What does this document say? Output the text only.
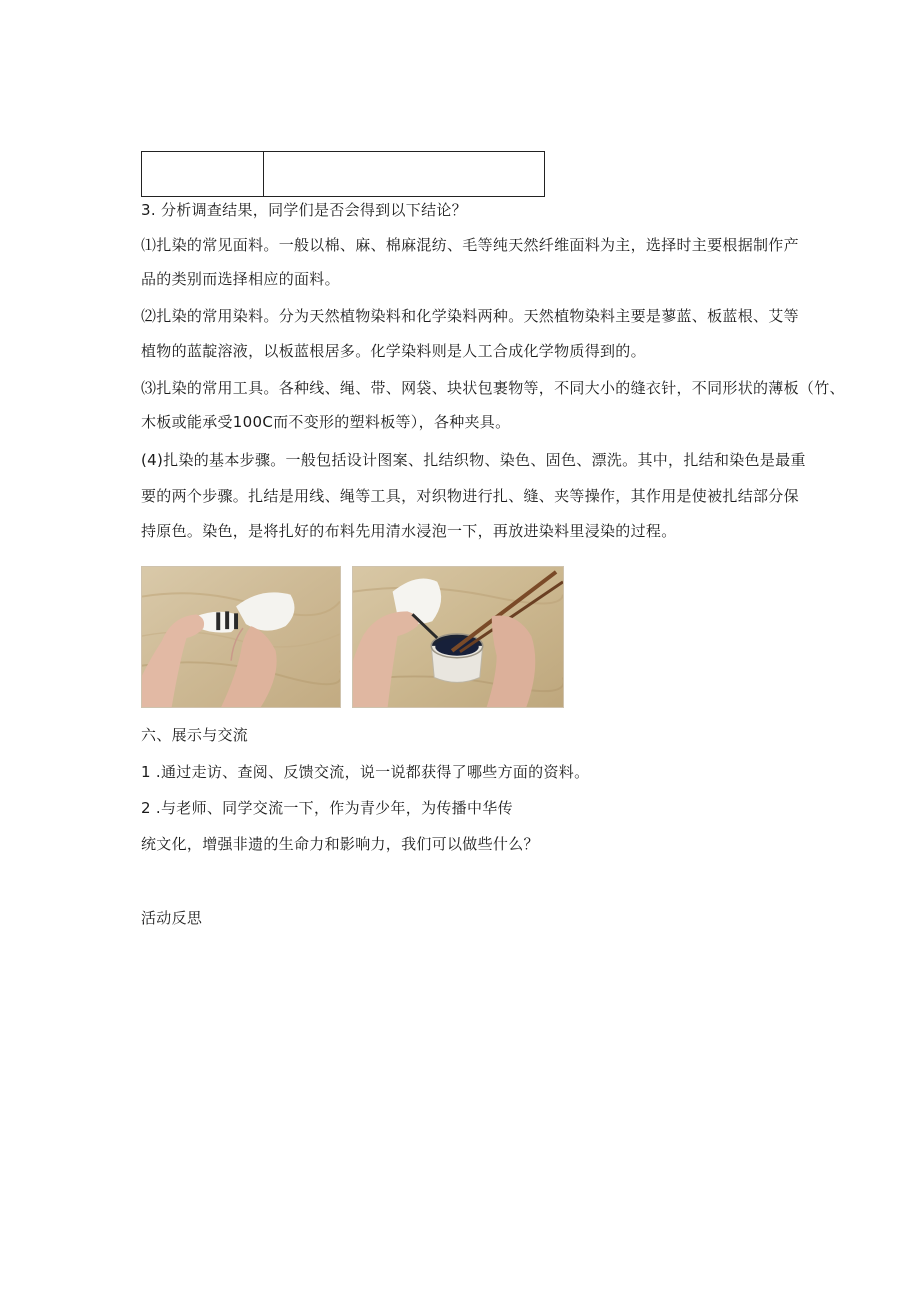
3. 分析调查结果，同学们是否会得到以下结论？
⑴扎染的常见面料。一般以棉、麻、棉麻混纺、毛等纯天然纤维面料为主，选择时主要根据制作产
品的类别而选择相应的面料。
⑵扎染的常用染料。分为天然植物染料和化学染料两种。天然植物染料主要是蓼蓝、板蓝根、艾等
植物的蓝靛溶液，以板蓝根居多。化学染料则是人工合成化学物质得到的。
⑶扎染的常用工具。各种线、绳、带、网袋、块状包裹物等，不同大小的缝衣针，不同形状的薄板（竹、
木板或能承受100C而不变形的塑料板等），各种夹具。
(4)扎染的基本步骤。一般包括设计图案、扎结织物、染色、固色、漂洗。其中，扎结和染色是最重
要的两个步骤。扎结是用线、绳等工具，对织物进行扎、缝、夹等操作，其作用是使被扎结部分保
持原色。染色，是将扎好的布料先用清水浸泡一下，再放进染料里浸染的过程。
六、展示与交流
1 .通过走访、查阅、反馈交流，说一说都获得了哪些方面的资料。
2 .与老师、同学交流一下，作为青少年，为传播中华传
统文化，增强非遗的生命力和影响力，我们可以做些什么？
活动反思
